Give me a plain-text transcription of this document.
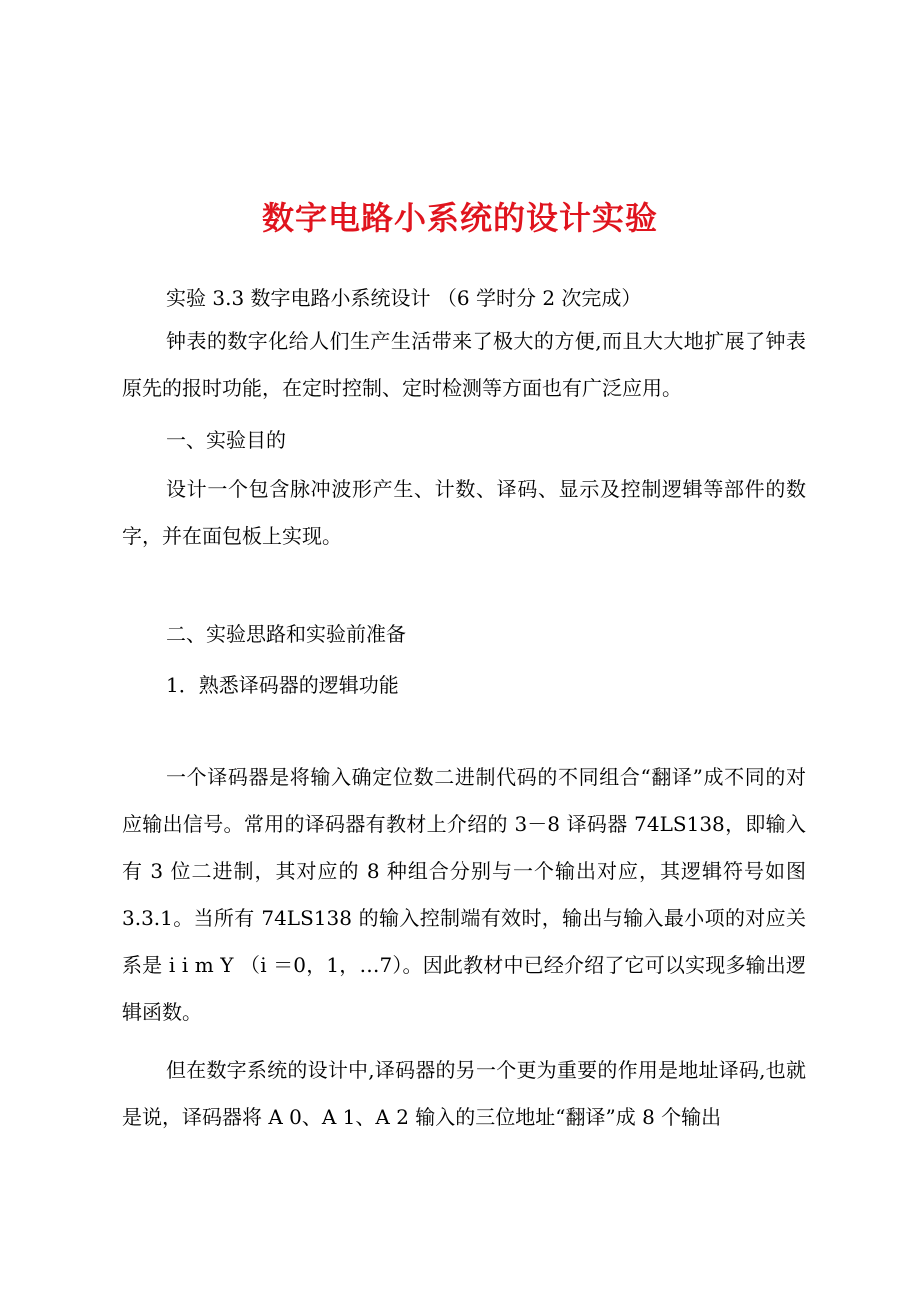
数字电路小系统的设计实验
实验 3.3 数字电路小系统设计 （6 学时分 2 次完成）

钟表的数字化给人们生产生活带来了极大的方便,而且大大地扩展了钟表原先的报时功能，在定时控制、定时检测等方面也有广泛应用。

一、实验目的

设计一个包含脉冲波形产生、计数、译码、显示及控制逻辑等部件的数字，并在面包板上实现。

二、实验思路和实验前准备
1．熟悉译码器的逻辑功能

一个译码器是将输入确定位数二进制代码的不同组合“翻译”成不同的对应输出信号。常用的译码器有教材上介绍的 3－8 译码器 74LS138，即输入有 3 位二进制，其对应的 8 种组合分别与一个输出对应，其逻辑符号如图 3.3.1。当所有 74LS138 的输入控制端有效时，输出与输入最小项的对应关系是 i i m Y （i ＝0，1，…7）。因此教材中已经介绍了它可以实现多输出逻辑函数。

但在数字系统的设计中,译码器的另一个更为重要的作用是地址译码,也就是说，译码器将 A 0、A 1、A 2 输入的三位地址“翻译”成 8 个输出
